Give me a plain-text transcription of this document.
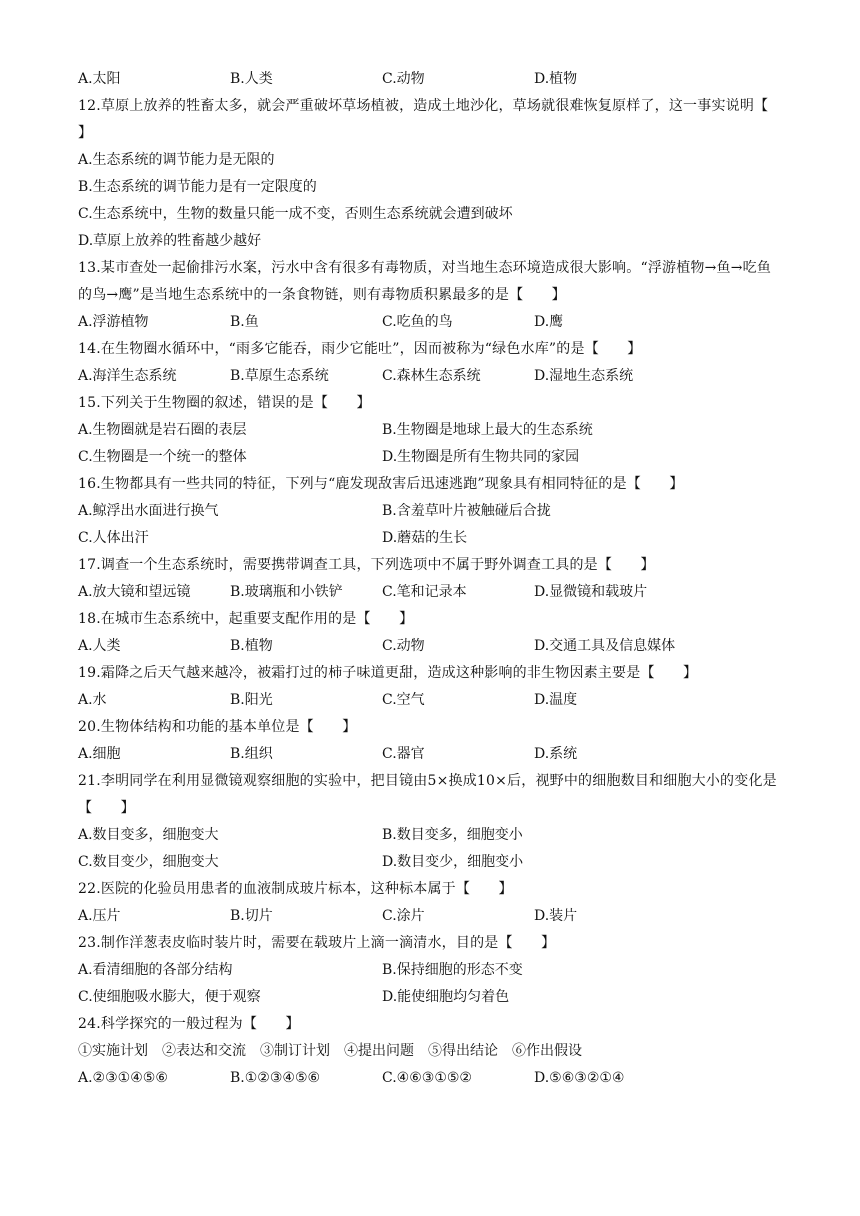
A.太阳	B.人类	C.动物	D.植物
12.草原上放养的牲畜太多，就会严重破坏草场植被，造成土地沙化，草场就很难恢复原样了，这一事实说明【　　】
A.生态系统的调节能力是无限的
B.生态系统的调节能力是有一定限度的
C.生态系统中，生物的数量只能一成不变，否则生态系统就会遭到破坏
D.草原上放养的牲畜越少越好
13.某市查处一起偷排污水案，污水中含有很多有毒物质，对当地生态环境造成很大影响。“浮游植物→鱼→吃鱼的鸟→鹰”是当地生态系统中的一条食物链，则有毒物质积累最多的是【　　】
A.浮游植物	B.鱼	C.吃鱼的鸟	D.鹰
14.在生物圈水循环中，“雨多它能吞，雨少它能吐”，因而被称为“绿色水库”的是【　　】
A.海洋生态系统	B.草原生态系统	C.森林生态系统	D.湿地生态系统
15.下列关于生物圈的叙述，错误的是【　　】
A.生物圈就是岩石圈的表层	B.生物圈是地球上最大的生态系统
C.生物圈是一个统一的整体	D.生物圈是所有生物共同的家园
16.生物都具有一些共同的特征，下列与“鹿发现敌害后迅速逃跑”现象具有相同特征的是【　　】
A.鲸浮出水面进行换气	B.含羞草叶片被触碰后合拢
C.人体出汗	D.蘑菇的生长
17.调查一个生态系统时，需要携带调查工具，下列选项中不属于野外调查工具的是【　　】
A.放大镜和望远镜	B.玻璃瓶和小铁铲	C.笔和记录本	D.显微镜和载玻片
18.在城市生态系统中，起重要支配作用的是【　　】
A.人类	B.植物	C.动物	D.交通工具及信息媒体
19.霜降之后天气越来越冷，被霜打过的柿子味道更甜，造成这种影响的非生物因素主要是【　　】
A.水	B.阳光	C.空气	D.温度
20.生物体结构和功能的基本单位是【　　】
A.细胞	B.组织	C.器官	D.系统
21.李明同学在利用显微镜观察细胞的实验中，把目镜由5×换成10×后，视野中的细胞数目和细胞大小的变化是【　　】
A.数目变多，细胞变大	B.数目变多，细胞变小
C.数目变少，细胞变大	D.数目变少，细胞变小
22.医院的化验员用患者的血液制成玻片标本，这种标本属于【　　】
A.压片	B.切片	C.涂片	D.装片
23.制作洋葱表皮临时装片时，需要在载玻片上滴一滴清水，目的是【　　】
A.看清细胞的各部分结构	B.保持细胞的形态不变
C.使细胞吸水膨大，便于观察	D.能使细胞均匀着色
24.科学探究的一般过程为【　　】
①实施计划　②表达和交流　③制订计划　④提出问题　⑤得出结论　⑥作出假设
A.②③①④⑤⑥	B.①②③④⑤⑥	C.④⑥③①⑤②	D.⑤⑥③②①④
